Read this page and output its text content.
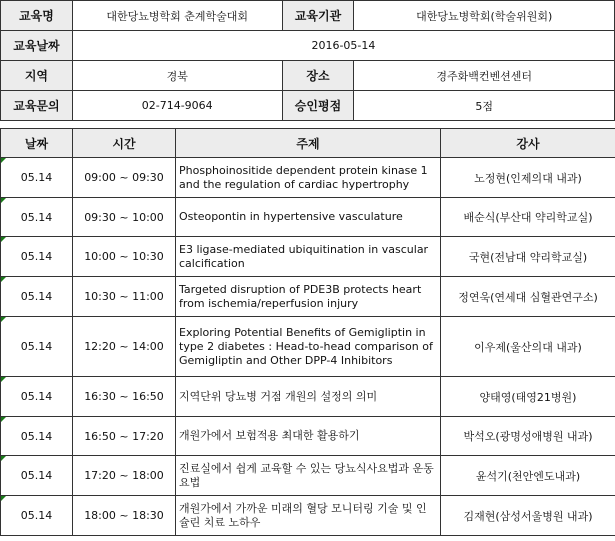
교육명	대한당뇨병학회 춘계학술대회	교육기관	대한당뇨병학회(학술위원회)
교육날짜	2016-05-14		
지역	경북	장소	경주화백컨벤션센터
교육문의	02-714-9064	승인평점	5점
날짜	시간	주제	강사
05.14	09:00 ~ 09:30	Phosphoinositide dependent protein kinase 1 and the regulation of cardiac hypertrophy	노정현(인제의대 내과)
05.14	09:30 ~ 10:00	Osteopontin in hypertensive vasculature	배순식(부산대 약리학교실)
05.14	10:00 ~ 10:30	E3 ligase-mediated ubiquitination in vascular calcification	국현(전남대 약리학교실)
05.14	10:30 ~ 11:00	Targeted disruption of PDE3B protects heart from ischemia/reperfusion injury	정연욱(연세대 심혈관연구소)
05.14	12:20 ~ 14:00	Exploring Potential Benefits of Gemigliptin in type 2 diabetes : Head-to-head comparison of Gemigliptin and Other DPP-4 Inhibitors	이우제(울산의대 내과)
05.14	16:30 ~ 16:50	지역단위 당뇨병 거점 개원의 설정의 의미	양태영(태영21병원)
05.14	16:50 ~ 17:20	개원가에서 보험적용 최대한 활용하기	박석오(광명성애병원 내과)
05.14	17:20 ~ 18:00	진료실에서 쉽게 교육할 수 있는 당뇨식사요법과 운동요법	윤석기(천안엔도내과)
05.14	18:00 ~ 18:30	개원가에서 가까운 미래의 혈당 모니터링 기술 및 인슐린 치료 노하우	김재현(삼성서울병원 내과)
